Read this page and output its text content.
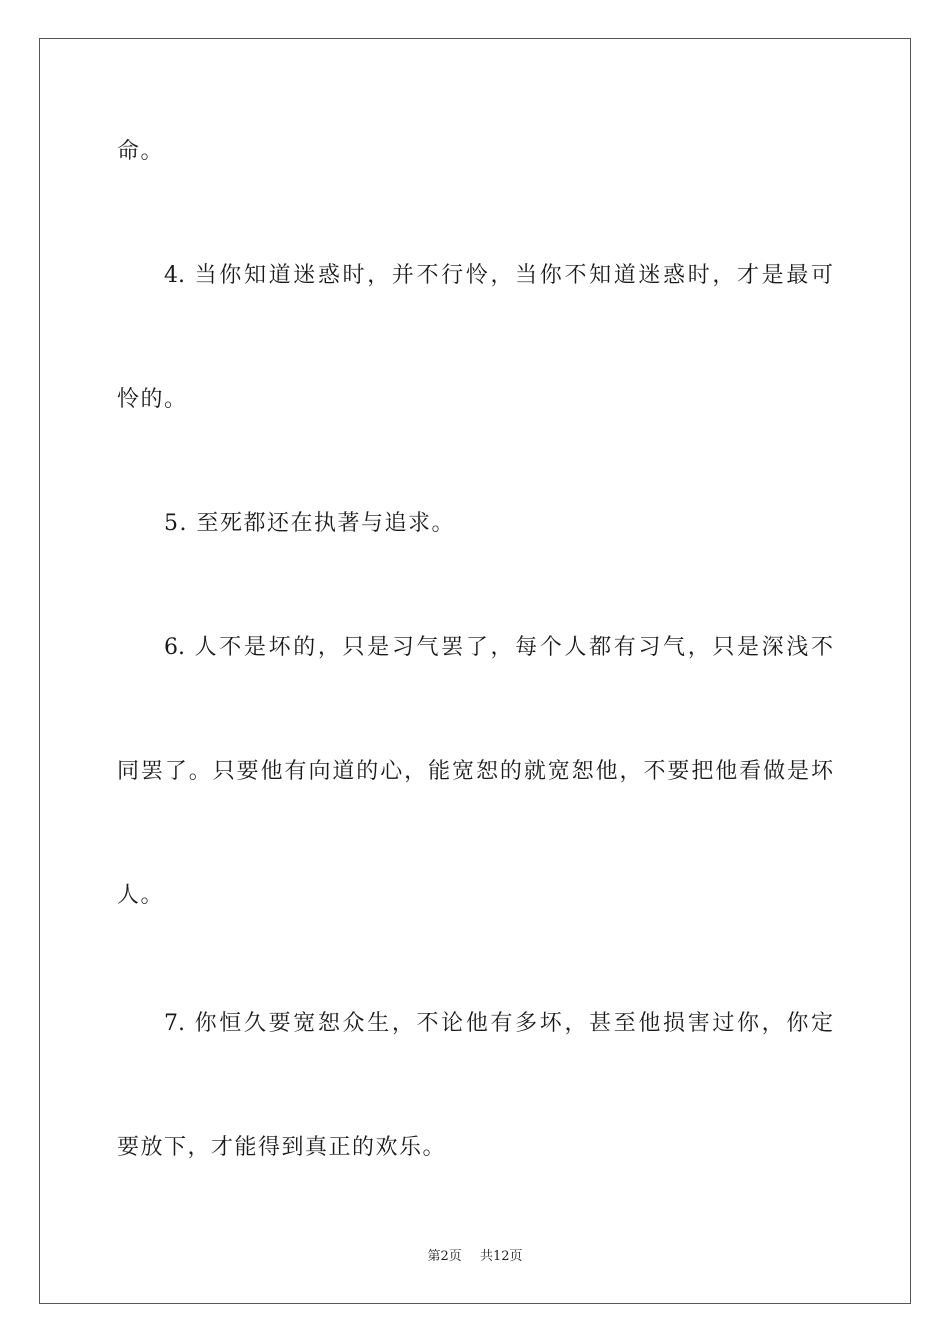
命。
4. 当你知道迷惑时，并不行怜，当你不知道迷惑时，才是最可
怜的。
5. 至死都还在执著与追求。
6. 人不是坏的，只是习气罢了，每个人都有习气，只是深浅不
同罢了。只要他有向道的心，能宽恕的就宽恕他，不要把他看做是坏
人。
7. 你恒久要宽恕众生，不论他有多坏，甚至他损害过你，你定
要放下，才能得到真正的欢乐。
第2页 共12页
